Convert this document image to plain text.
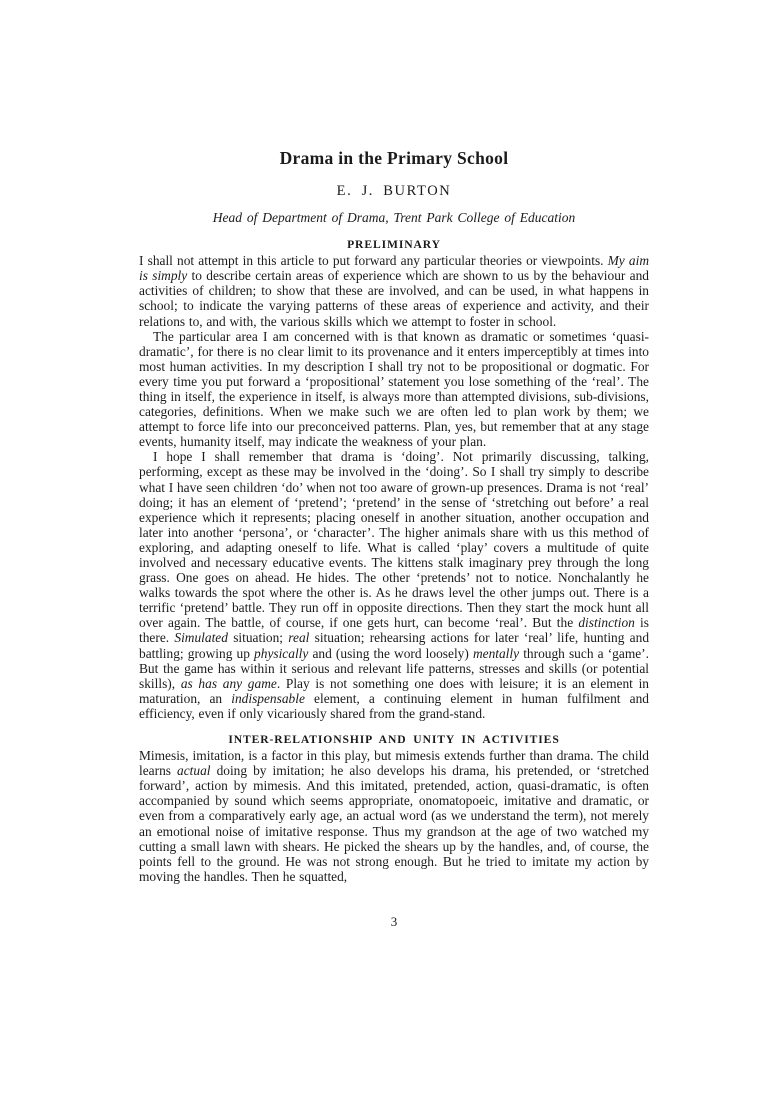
Drama in the Primary School
E. J. BURTON
Head of Department of Drama, Trent Park College of Education
PRELIMINARY

I shall not attempt in this article to put forward any particular theories or viewpoints. My aim is simply to describe certain areas of experience which are shown to us by the behaviour and activities of children; to show that these are involved, and can be used, in what happens in school; to indicate the varying patterns of these areas of experience and activity, and their relations to, and with, the various skills which we attempt to foster in school.

The particular area I am concerned with is that known as dramatic or sometimes ‘quasi-dramatic’, for there is no clear limit to its provenance and it enters imperceptibly at times into most human activities. In my description I shall try not to be propositional or dogmatic. For every time you put forward a ‘propositional’ statement you lose something of the ‘real’. The thing in itself, the experience in itself, is always more than attempted divisions, sub-divisions, categories, definitions. When we make such we are often led to plan work by them; we attempt to force life into our preconceived patterns. Plan, yes, but remember that at any stage events, humanity itself, may indicate the weakness of your plan.

I hope I shall remember that drama is ‘doing’. Not primarily discussing, talking, performing, except as these may be involved in the ‘doing’. So I shall try simply to describe what I have seen children ‘do’ when not too aware of grown-up presences. Drama is not ‘real’ doing; it has an element of ‘pretend’; ‘pretend’ in the sense of ‘stretching out before’ a real experience which it represents; placing oneself in another situation, another occupation and later into another ‘persona’, or ‘character’. The higher animals share with us this method of exploring, and adapting oneself to life. What is called ‘play’ covers a multitude of quite involved and necessary educative events. The kittens stalk imaginary prey through the long grass. One goes on ahead. He hides. The other ‘pretends’ not to notice. Nonchalantly he walks towards the spot where the other is. As he draws level the other jumps out. There is a terrific ‘pretend’ battle. They run off in opposite directions. Then they start the mock hunt all over again. The battle, of course, if one gets hurt, can become ‘real’. But the distinction is there. Simulated situation; real situation; rehearsing actions for later ‘real’ life, hunting and battling; growing up physically and (using the word loosely) mentally through such a ‘game’. But the game has within it serious and relevant life patterns, stresses and skills (or potential skills), as has any game. Play is not something one does with leisure; it is an element in maturation, an indispensable element, a continuing element in human fulfilment and efficiency, even if only vicariously shared from the grand-stand.

INTER-RELATIONSHIP AND UNITY IN ACTIVITIES

Mimesis, imitation, is a factor in this play, but mimesis extends further than drama. The child learns actual doing by imitation; he also develops his drama, his pretended, or ‘stretched forward’, action by mimesis. And this imitated, pretended, action, quasi-dramatic, is often accompanied by sound which seems appropriate, onomatopoeic, imitative and dramatic, or even from a comparatively early age, an actual word (as we understand the term), not merely an emotional noise of imitative response. Thus my grandson at the age of two watched my cutting a small lawn with shears. He picked the shears up by the handles, and, of course, the points fell to the ground. He was not strong enough. But he tried to imitate my action by moving the handles. Then he squatted,

3
